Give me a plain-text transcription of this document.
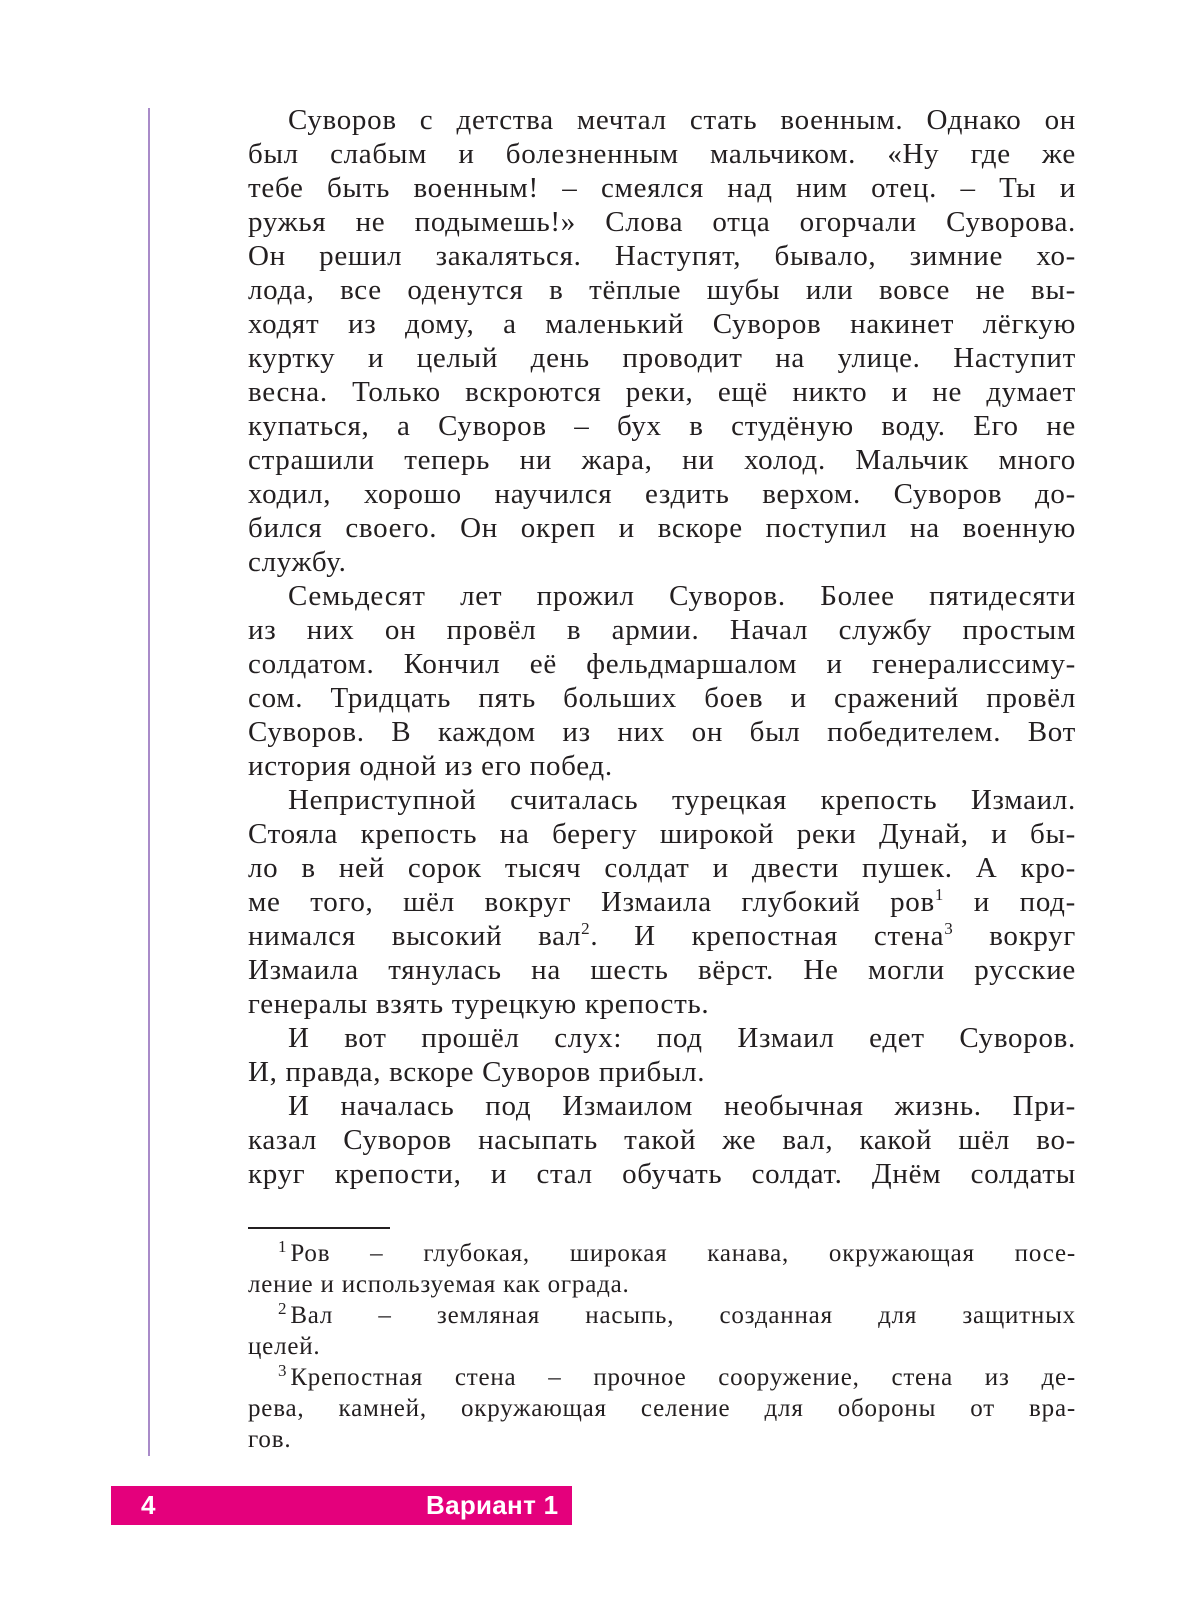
Суворов с детства мечтал стать военным. Однако он
был слабым и болезненным мальчиком. «Ну где же
тебе быть военным! – смеялся над ним отец. – Ты и
ружья не подымешь!» Слова отца огорчали Суворова.
Он решил закаляться. Наступят, бывало, зимние хо-
лода, все оденутся в тёплые шубы или вовсе не вы-
ходят из дому, а маленький Суворов накинет лёгкую
куртку и целый день проводит на улице. Наступит
весна. Только вскроются реки, ещё никто и не думает
купаться, а Суворов – бух в студёную воду. Его не
страшили теперь ни жара, ни холод. Мальчик много
ходил, хорошо научился ездить верхом. Суворов до-
бился своего. Он окреп и вскоре поступил на военную
службу.

Семьдесят лет прожил Суворов. Более пятидесяти
из них он провёл в армии. Начал службу простым
солдатом. Кончил её фельдмаршалом и генералиссиму-
сом. Тридцать пять больших боев и сражений провёл
Суворов. В каждом из них он был победителем. Вот
история одной из его побед.

Неприступной считалась турецкая крепость Измаил.
Стояла крепость на берегу широкой реки Дунай, и бы-
ло в ней сорок тысяч солдат и двести пушек. А кро-
ме того, шёл вокруг Измаила глубокий ров$^1$ и под-
нимался высокий вал$^2$. И крепостная стена$^3$ вокруг
Измаила тянулась на шесть вёрст. Не могли русские
генералы взять турецкую крепость.

И вот прошёл слух: под Измаил едет Суворов.
И, правда, вскоре Суворов прибыл.

И началась под Измаилом необычная жизнь. При-
казал Суворов насыпать такой же вал, какой шёл во-
круг крепости, и стал обучать солдат. Днём солдаты

$^1$ Ров – глубокая, широкая канава, окружающая посе-
ление и используемая как ограда.
$^2$ Вал – земляная насыпь, созданная для защитных
целей.
$^3$ Крепостная стена – прочное сооружение, стена из де-
рева, камней, окружающая селение для обороны от вра-
гов.
4	Вариант 1
